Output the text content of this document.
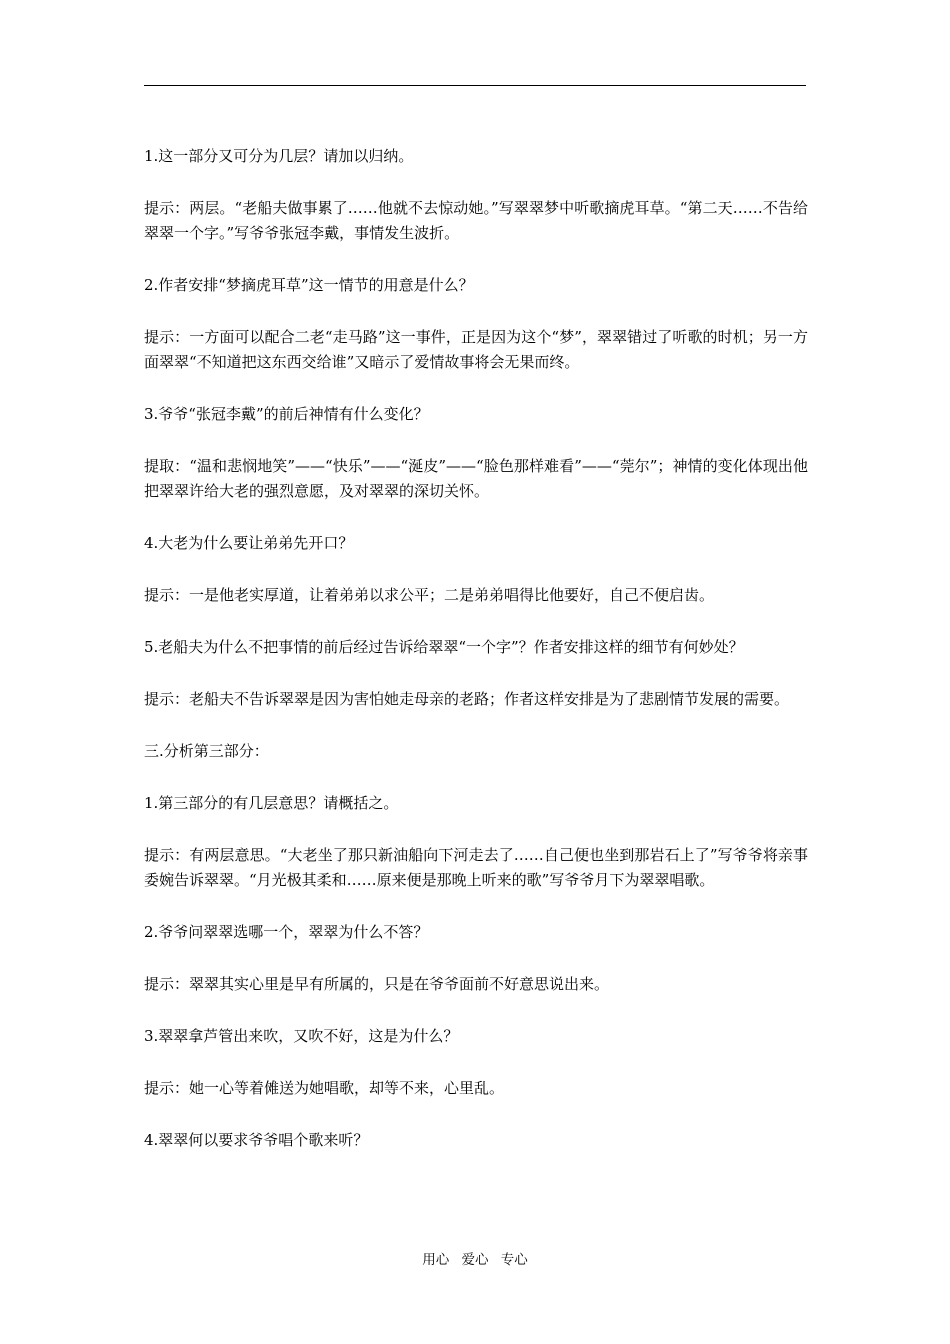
1.这一部分又可分为几层？请加以归纳。

提示：两层。“老船夫做事累了……他就不去惊动她。”写翠翠梦中听歌摘虎耳草。“第二天……不告给翠翠一个字。”写爷爷张冠李戴，事情发生波折。

2.作者安排“梦摘虎耳草”这一情节的用意是什么？

提示：一方面可以配合二老“走马路”这一事件，正是因为这个“梦”，翠翠错过了听歌的时机；另一方面翠翠“不知道把这东西交给谁”又暗示了爱情故事将会无果而终。

3.爷爷“张冠李戴”的前后神情有什么变化？

提取：“温和悲悯地笑”——“快乐”——“涎皮”——“脸色那样难看”——“莞尔”；神情的变化体现出他把翠翠许给大老的强烈意愿，及对翠翠的深切关怀。

4.大老为什么要让弟弟先开口？

提示：一是他老实厚道，让着弟弟以求公平；二是弟弟唱得比他要好，自己不便启齿。

5.老船夫为什么不把事情的前后经过告诉给翠翠“一个字”？作者安排这样的细节有何妙处？

提示：老船夫不告诉翠翠是因为害怕她走母亲的老路；作者这样安排是为了悲剧情节发展的需要。

三.分析第三部分：

1.第三部分的有几层意思？请概括之。

提示：有两层意思。“大老坐了那只新油船向下河走去了……自己便也坐到那岩石上了”写爷爷将亲事委婉告诉翠翠。“月光极其柔和……原来便是那晚上听来的歌”写爷爷月下为翠翠唱歌。

2.爷爷问翠翠选哪一个，翠翠为什么不答？

提示：翠翠其实心里是早有所属的，只是在爷爷面前不好意思说出来。

3.翠翠拿芦管出来吹，又吹不好，这是为什么？

提示：她一心等着傩送为她唱歌，却等不来，心里乱。

4.翠翠何以要求爷爷唱个歌来听？

用心 爱心 专心
